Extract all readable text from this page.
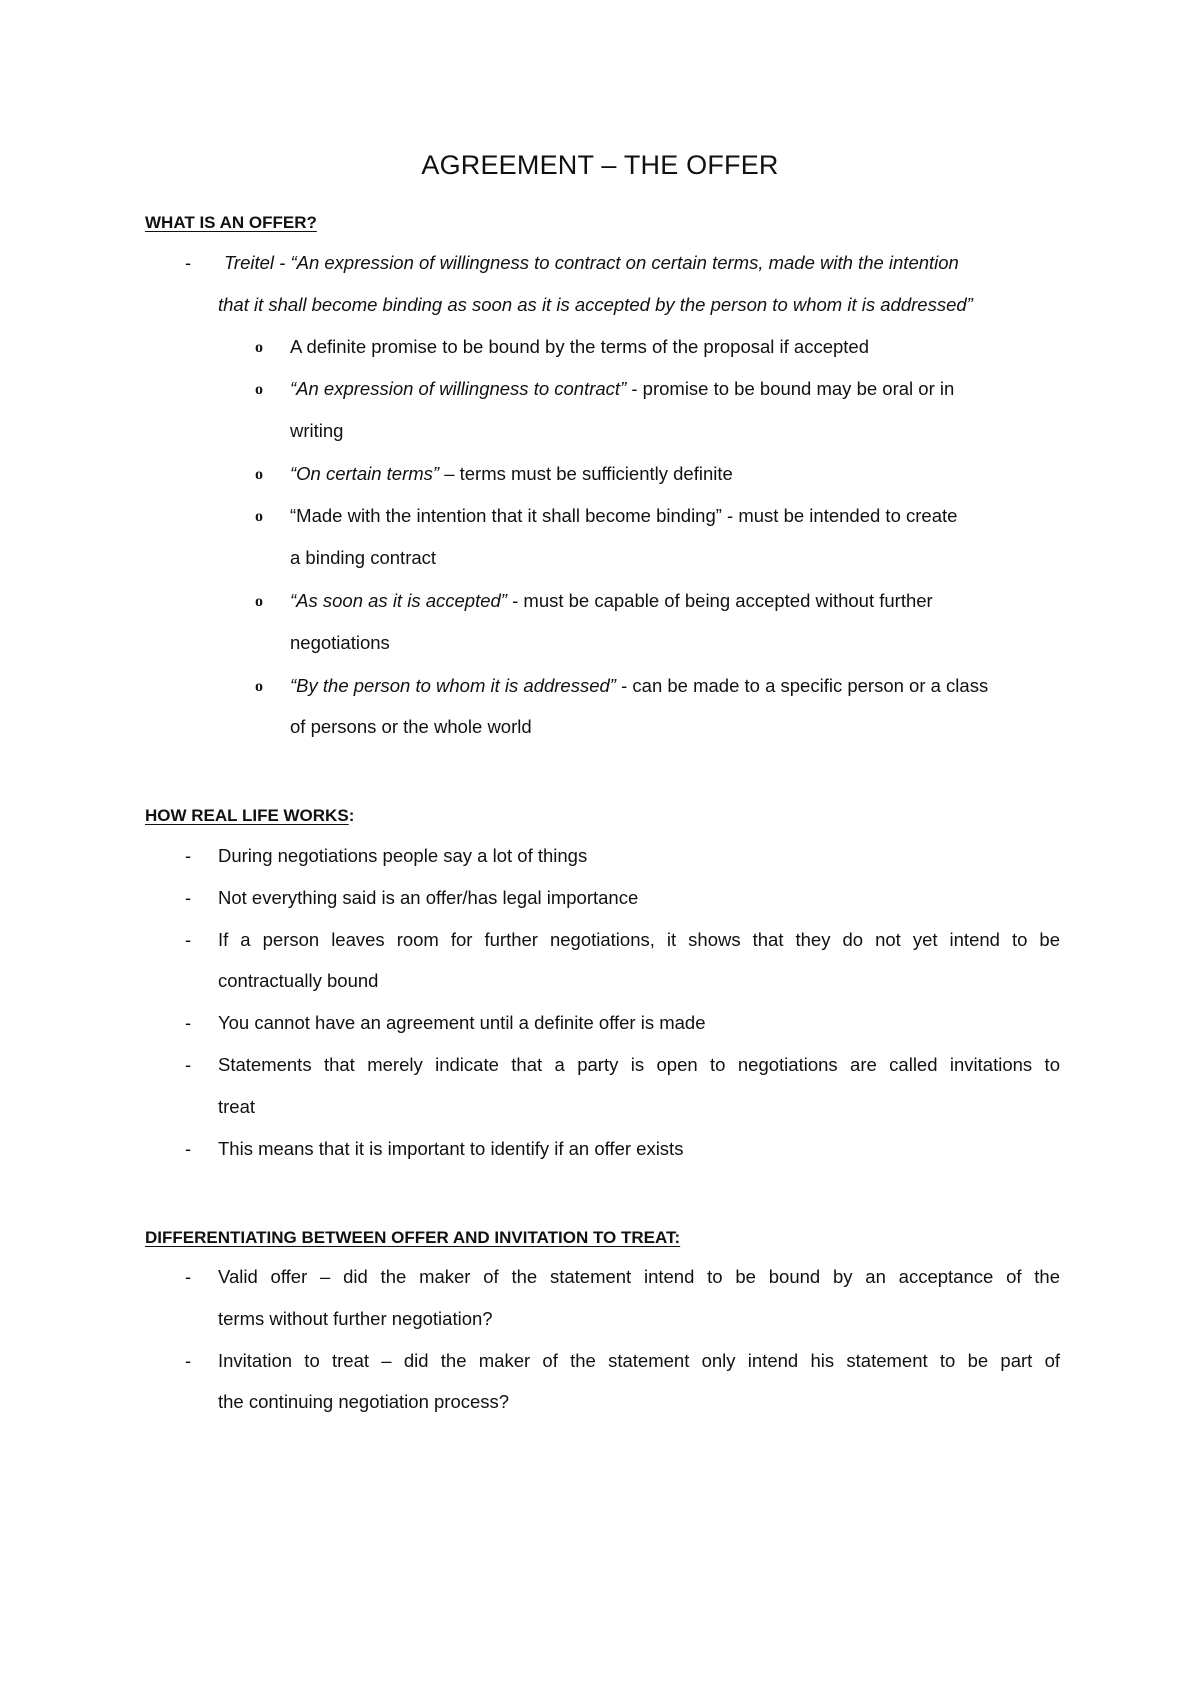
AGREEMENT – THE OFFER
WHAT IS AN OFFER?
- Treitel - “An expression of willingness to contract on certain terms, made with the intention
that it shall become binding as soon as it is accepted by the person to whom it is addressed”
o A definite promise to be bound by the terms of the proposal if accepted
o “An expression of willingness to contract” - promise to be bound may be oral or in
writing
o “On certain terms” – terms must be sufficiently definite
o “Made with the intention that it shall become binding” - must be intended to create
a binding contract
o “As soon as it is accepted” - must be capable of being accepted without further
negotiations
o “By the person to whom it is addressed” - can be made to a specific person or a class
of persons or the whole world
HOW REAL LIFE WORKS:
- During negotiations people say a lot of things
- Not everything said is an offer/has legal importance
- If a person leaves room for further negotiations, it shows that they do not yet intend to be
contractually bound
- You cannot have an agreement until a definite offer is made
- Statements that merely indicate that a party is open to negotiations are called invitations to
treat
- This means that it is important to identify if an offer exists
DIFFERENTIATING BETWEEN OFFER AND INVITATION TO TREAT:
- Valid offer – did the maker of the statement intend to be bound by an acceptance of the
terms without further negotiation?
- Invitation to treat – did the maker of the statement only intend his statement to be part of
the continuing negotiation process?
